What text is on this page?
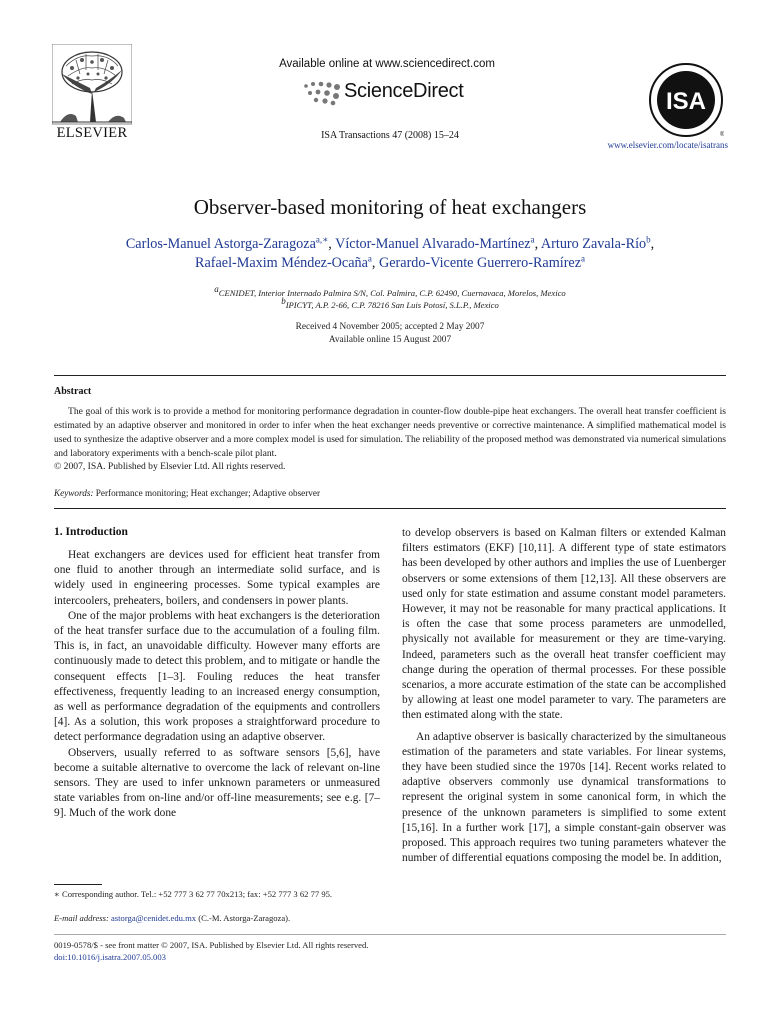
ELSEVIER
Available online at www.sciencedirect.com
ScienceDirect
ISA Transactions 47 (2008) 15–24
ISA
®
www.elsevier.com/locate/isatrans
Observer-based monitoring of heat exchangers
Carlos-Manuel Astorga-Zaragoza$^{a,∗}$, Víctor-Manuel Alvarado-Martínez$^a$, Arturo Zavala-Río$^b$,
Rafael-Maxim Méndez-Ocaña$^a$, Gerardo-Vicente Guerrero-Ramírez$^a$
$^a$CENIDET, Interior Internado Palmira S/N, Col. Palmira, C.P. 62490, Cuernavaca, Morelos, Mexico
$^b$IPICYT, A.P. 2-66, C.P. 78216 San Luis Potosí, S.L.P., Mexico
Received 4 November 2005; accepted 2 May 2007
Available online 15 August 2007
Abstract

The goal of this work is to provide a method for monitoring performance degradation in counter-flow double-pipe heat exchangers. The overall heat transfer coefficient is estimated by an adaptive observer and monitored in order to infer when the heat exchanger needs preventive or corrective maintenance. A simplified mathematical model is used to synthesize the adaptive observer and a more complex model is used for simulation. The reliability of the proposed method was demonstrated via numerical simulations and laboratory experiments with a bench-scale pilot plant.

© 2007, ISA. Published by Elsevier Ltd. All rights reserved.
Keywords: Performance monitoring; Heat exchanger; Adaptive observer
1. Introduction

Heat exchangers are devices used for efficient heat transfer from one fluid to another through an intermediate solid surface, and is widely used in engineering processes. Some typical examples are intercoolers, preheaters, boilers, and condensers in power plants.

One of the major problems with heat exchangers is the deterioration of the heat transfer surface due to the accumulation of a fouling film. This is, in fact, an unavoidable difficulty. However many efforts are continuously made to detect this problem, and to mitigate or handle the consequent effects [1–3]. Fouling reduces the heat transfer effectiveness, frequently leading to an increased energy consumption, as well as performance degradation of the equipments and controllers [4]. As a solution, this work proposes a straightforward procedure to detect performance degradation using an adaptive observer.

Observers, usually referred to as software sensors [5,6], have become a suitable alternative to overcome the lack of relevant on-line sensors. They are used to infer unknown parameters or unmeasured state variables from on-line and/or off-line measurements; see e.g. [7–9]. Much of the work done

to develop observers is based on Kalman filters or extended Kalman filters estimators (EKF) [10,11]. A different type of state estimators has been developed by other authors and implies the use of Luenberger observers or some extensions of them [12,13]. All these observers are used only for state estimation and assume constant model parameters. However, it may not be reasonable for many practical applications. It is often the case that some process parameters are unmodelled, physically not available for measurement or they are time-varying. Indeed, parameters such as the overall heat transfer coefficient may change during the operation of thermal processes. For these possible scenarios, a more accurate estimation of the state can be accomplished by allowing at least one model parameter to vary. The parameters are then estimated along with the state.

An adaptive observer is basically characterized by the simultaneous estimation of the parameters and state variables. For linear systems, they have been studied since the 1970s [14]. Recent works related to adaptive observers commonly use dynamical transformations to represent the original system in some canonical form, in which the presence of the unknown parameters is simplified to some extent [15,16]. In a further work [17], a simple constant-gain observer was proposed. This approach requires two tuning parameters whatever the number of differential equations composing the model be. In addition,

∗ Corresponding author. Tel.: +52 777 3 62 77 70x213; fax: +52 777 3 62 77 95.
E-mail address: astorga@cenidet.edu.mx (C.-M. Astorga-Zaragoza).
0019-0578/$ - see front matter © 2007, ISA. Published by Elsevier Ltd. All rights reserved.
doi:10.1016/j.isatra.2007.05.003
